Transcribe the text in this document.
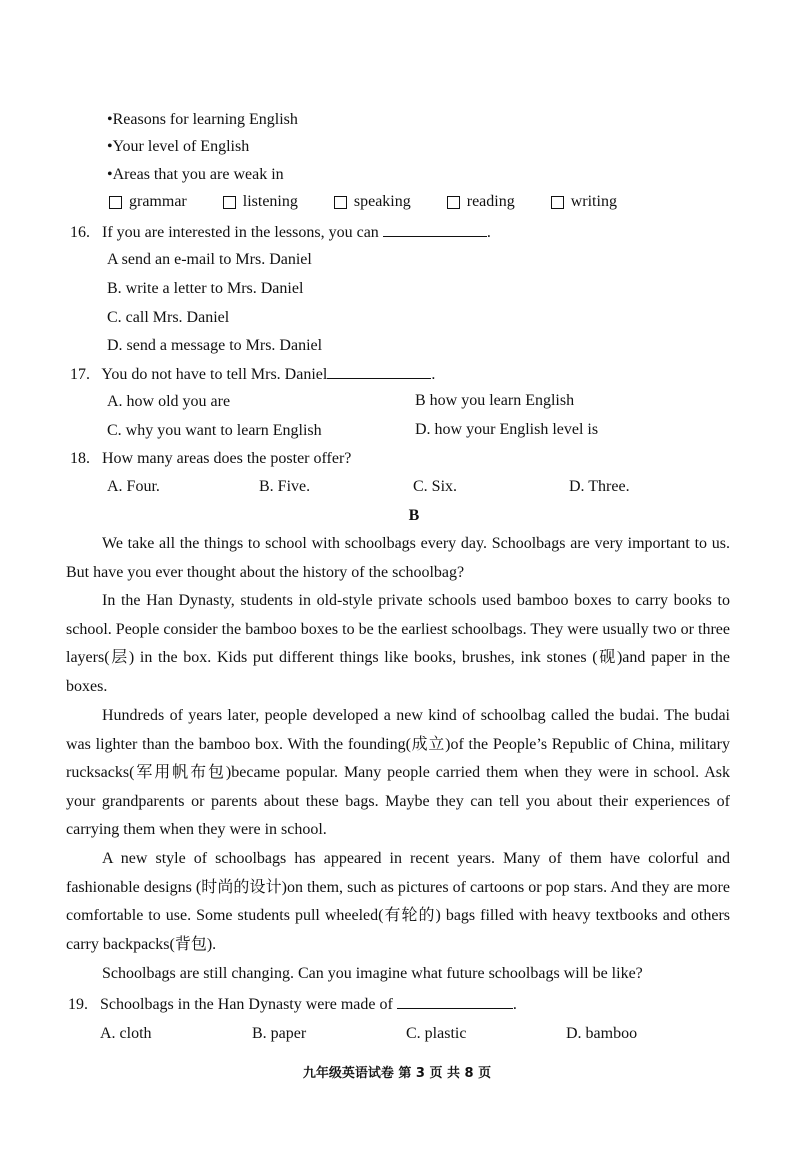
•Reasons for learning English
•Your level of English
•Areas that you are weak in
grammar	listening	speaking	reading	writing
16. If you are interested in the lessons, you can	.
A send an e-mail to Mrs. Daniel
B. write a letter to Mrs. Daniel
C. call Mrs. Daniel
D. send a message to Mrs. Daniel
17. You do not have to tell Mrs. Daniel	.
A. how old you are	B how you learn English
C. why you want to learn English	D. how your English level is
18. How many areas does the poster offer?
A. Four.	B. Five.	C. Six.	D. Three.
B
We take all the things to school with schoolbags every day. Schoolbags are very important to us. But have you ever thought about the history of the schoolbag?
In the Han Dynasty, students in old-style private schools used bamboo boxes to carry books to school. People consider the bamboo boxes to be the earliest schoolbags. They were usually two or three layers(层) in the box. Kids put different things like books, brushes, ink stones (砚)and paper in the boxes.
Hundreds of years later, people developed a new kind of schoolbag called the budai. The budai was lighter than the bamboo box. With the founding(成立)of the People’s Republic of China, military rucksacks(军用帆布包)became popular. Many people carried them when they were in school. Ask your grandparents or parents about these bags. Maybe they can tell you about their experiences of carrying them when they were in school.
A new style of schoolbags has appeared in recent years. Many of them have colorful and fashionable designs (时尚的设计)on them, such as pictures of cartoons or pop stars. And they are more comfortable to use. Some students pull wheeled(有轮的) bags filled with heavy textbooks and others carry backpacks(背包).
Schoolbags are still changing. Can you imagine what future schoolbags will be like?
19. Schoolbags in the Han Dynasty were made of	.
A. cloth	B. paper	C. plastic	D. bamboo
九年级英语试卷 第 3 页 共 8 页
